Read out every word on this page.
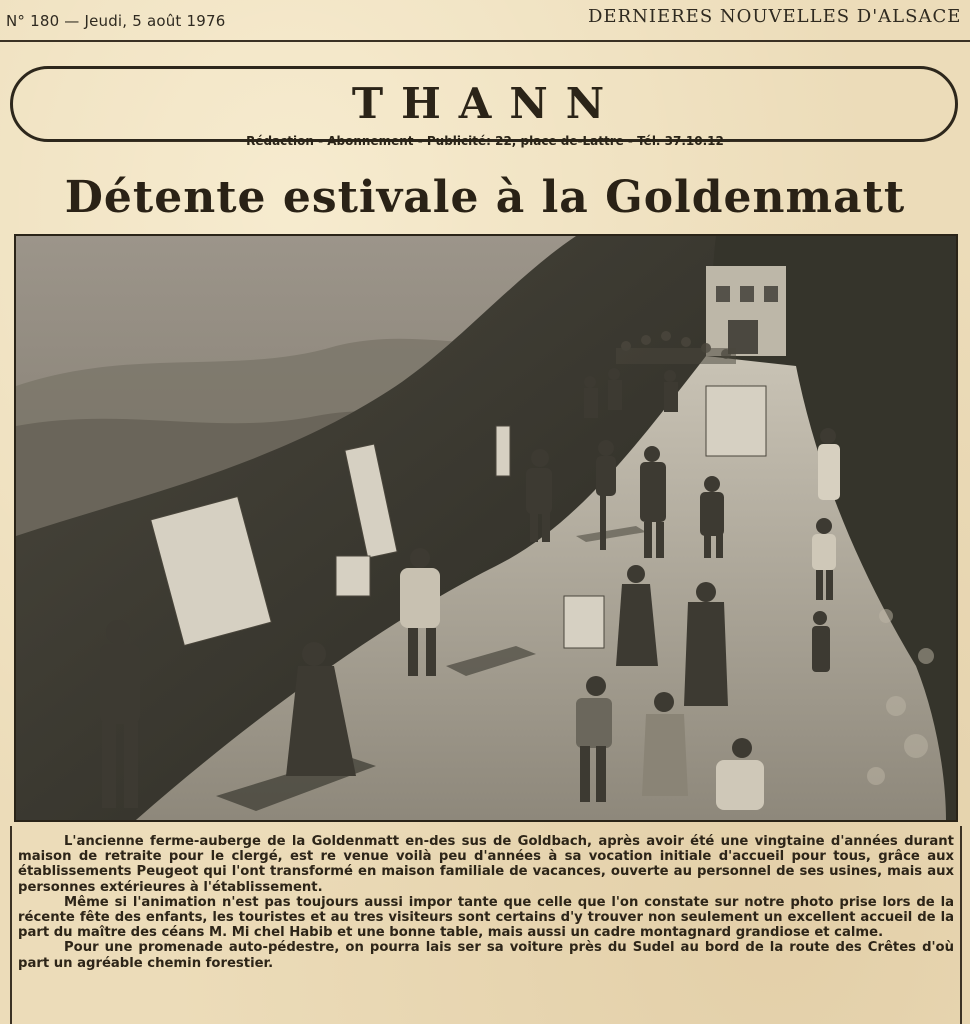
N° 180 — Jeudi, 5 août 1976	DERNIERES NOUVELLES D'ALSACE
THANN
Rédaction - Abonnement - Publicité: 22, place de-Lattre - Tél. 37.10.12
Détente estivale à la Goldenmatt

L'ancienne ferme-auberge de la Goldenmatt en-des sus de Goldbach, après avoir été une vingtaine d'années durant maison de retraite pour le clergé, est re venue voilà peu d'années à sa vocation initiale d'accueil pour tous, grâce aux établissements Peugeot qui l'ont transformé en maison familiale de vacances, ouverte au personnel de ses usines, mais aux personnes extérieures à l'établissement.

Même si l'animation n'est pas toujours aussi impor tante que celle que l'on constate sur notre photo prise lors de la récente fête des enfants, les touristes et au tres visiteurs sont certains d'y trouver non seulement un excellent accueil de la part du maître des céans M. Mi chel Habib et une bonne table, mais aussi un cadre montagnard grandiose et calme.

Pour une promenade auto-pédestre, on pourra lais ser sa voiture près du Sudel au bord de la route des Crêtes d'où part un agréable chemin forestier.
